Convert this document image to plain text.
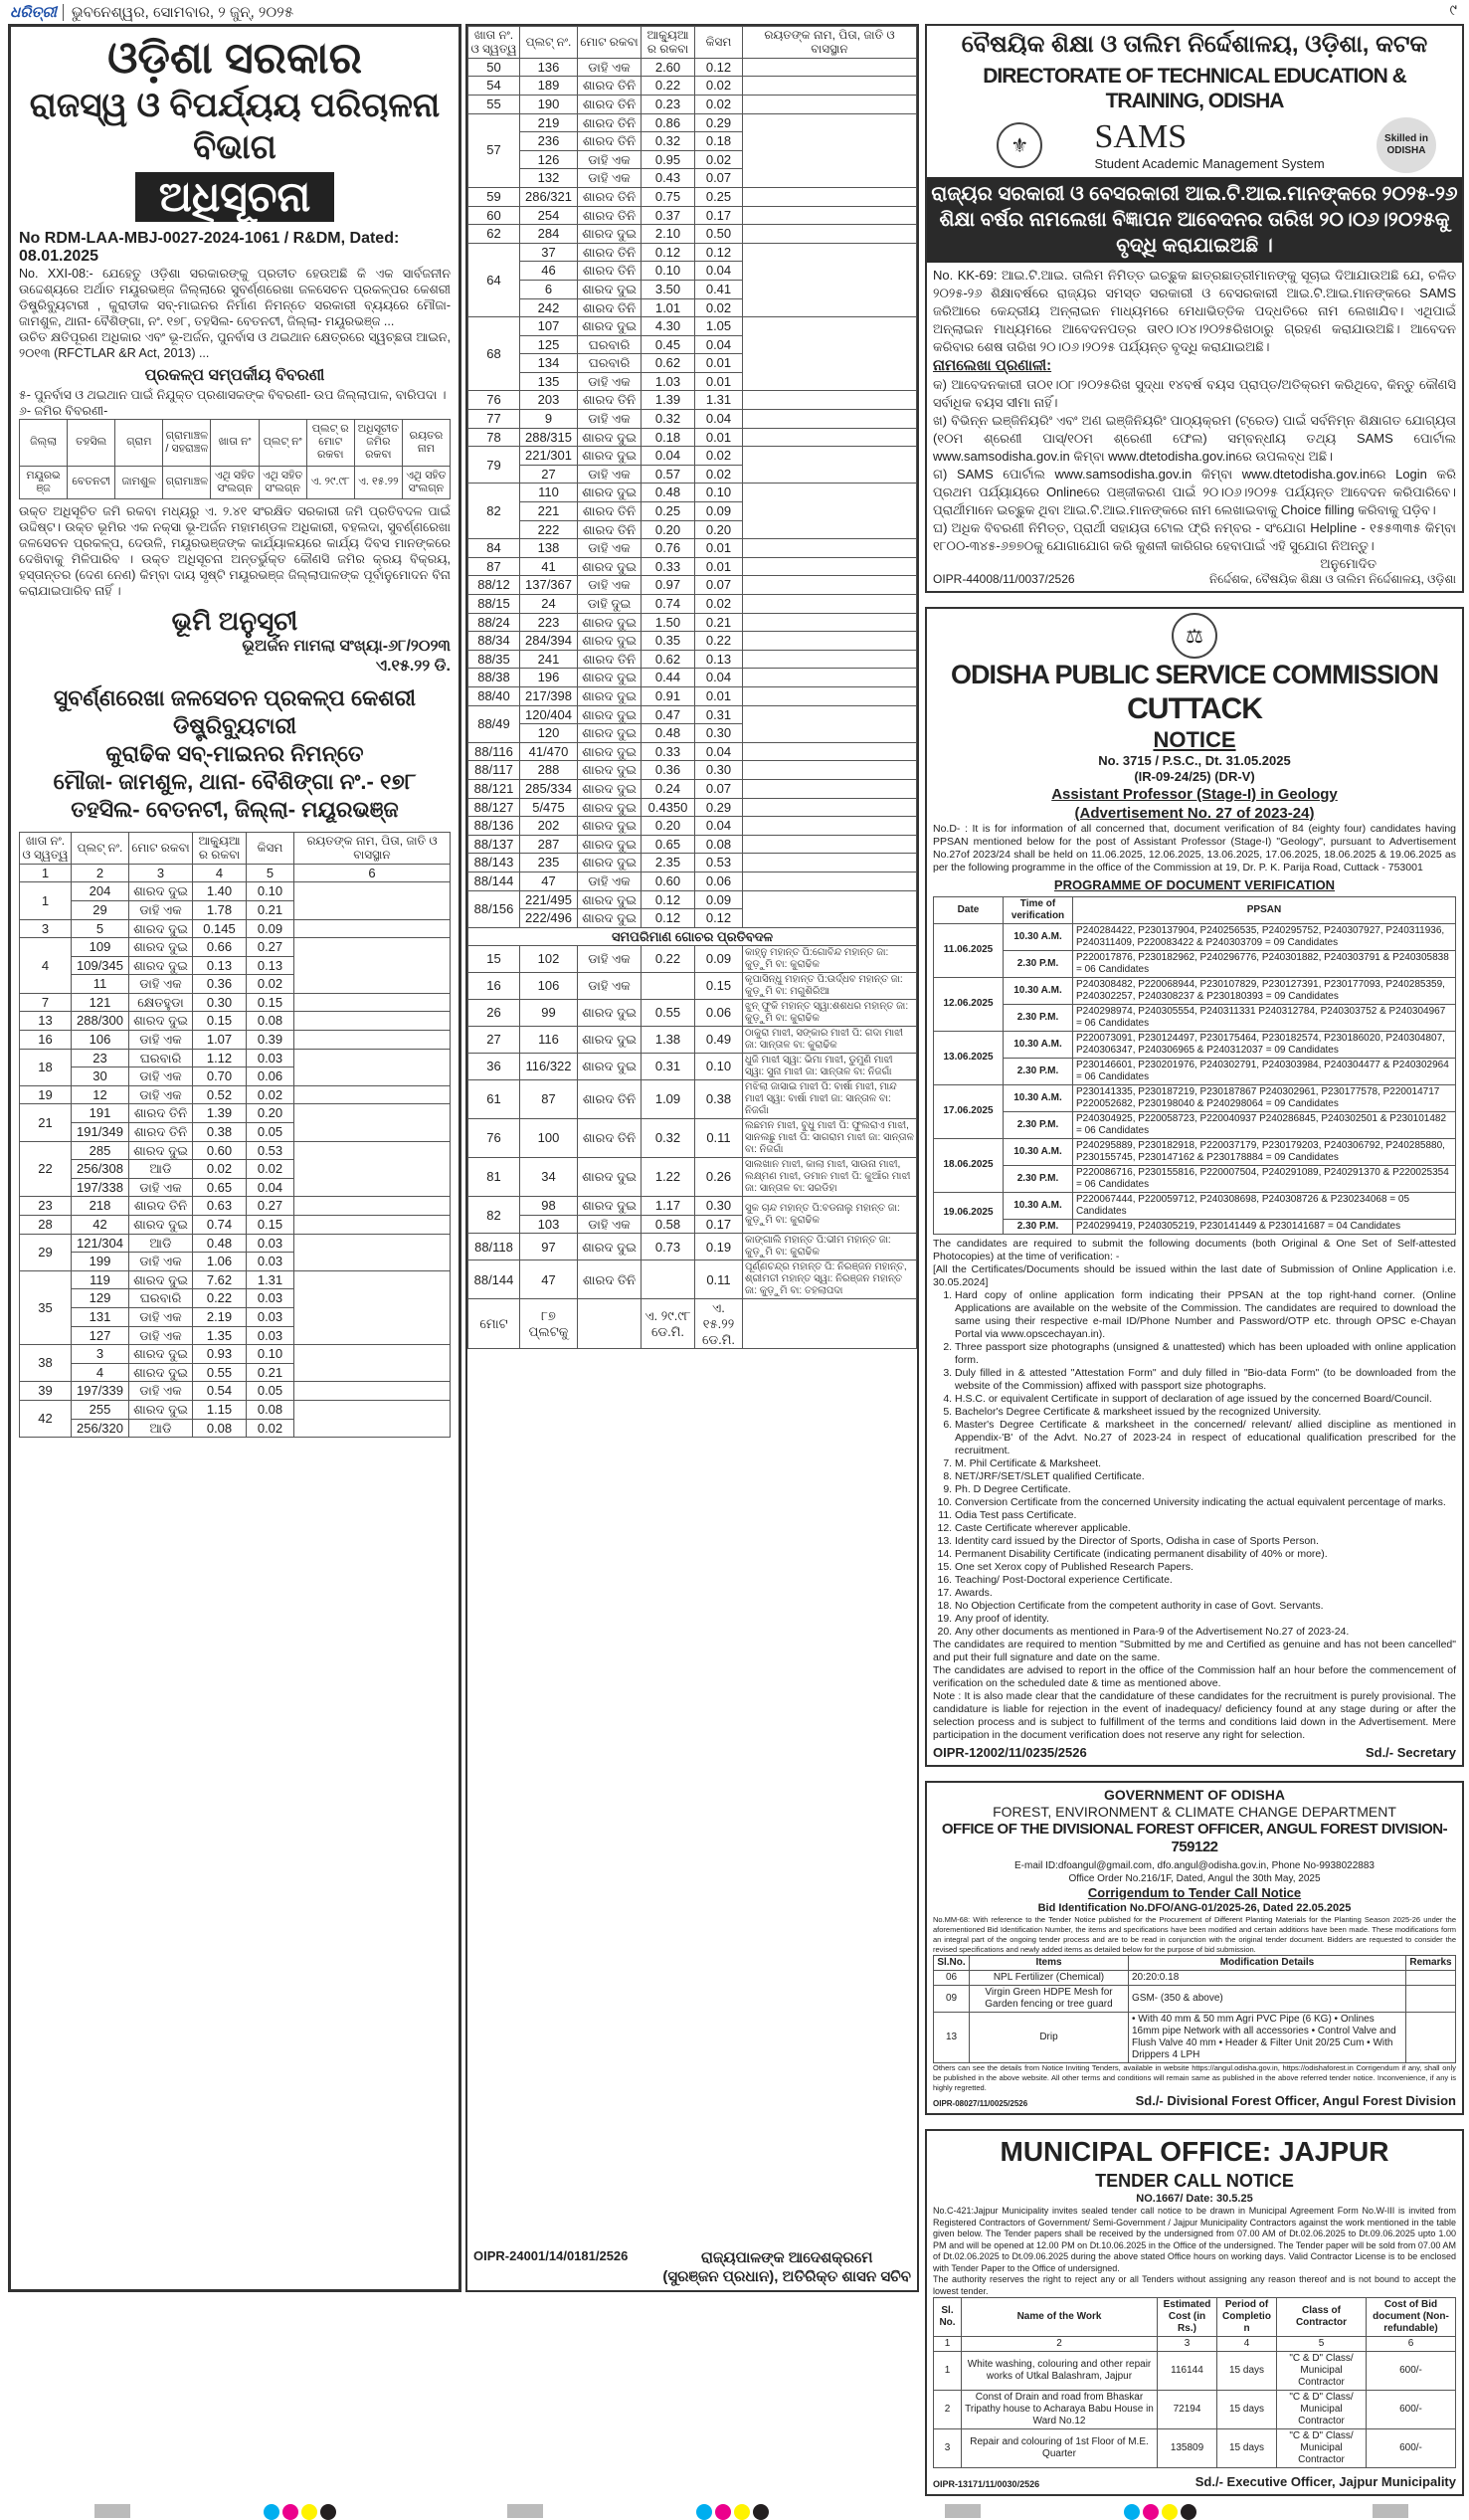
ଧରିତ୍ରୀ	ଭୁବନେଶ୍ୱର, ସୋମବାର, ୨ ଜୁନ୍, ୨୦୨୫	୯
ଓଡ଼ିଶା ସରକାର
ରାଜସ୍ୱ ଓ ବିପର୍ଯ୍ୟୟ ପରିଚାଳନା ବିଭାଗ
ଅଧିସୂଚନା
No RDM-LAA-MBJ-0027-2024-1061 / R&DM, Dated: 08.01.2025

No. XXI-08:- ଯେହେତୁ ଓଡ଼ିଶା ସରକାରଙ୍କୁ ପ୍ରତୀତ ହେଉଅଛି କି ଏକ ସାର୍ବଜନୀନ ଉଦ୍ଦେଶ୍ୟରେ ଅର୍ଥାତ ମୟୂରଭଞ୍ଜ ଜିଲ୍ଲାରେ ସୁବର୍ଣ୍ଣରେଖା ଜଳସେଚନ ପ୍ରକଳ୍ପର କେଶରୀ ଡିଷ୍ଟ୍ରିବ୍ୟୁଟାରୀ , କୁରାଡୀକ ସବ୍-ମାଇନର ନିର୍ମାଣ ନିମନ୍ତେ ସରକାରୀ ବ୍ୟୟରେ ମୌଜା- ଜାମଶୁଳ, ଥାନା- ବୈଶିଙ୍ଗା, ନଂ. ୧୭୮, ତହସିଲ- ବେତନଟୀ, ଜିଲ୍ଲା- ମୟୂରଭଞ୍ଜ ...

ଉଚିତ କ୍ଷତିପୂରଣ ଅଧିକାର ଏବଂ ଭୂ-ଅର୍ଜନ, ପୁନର୍ବାସ ଓ ଥଇଥାନ କ୍ଷେତ୍ରରେ ସ୍ୱଚ୍ଛତା ଆଇନ, ୨୦୧୩ (RFCTLAR &R Act, 2013) ...

ପ୍ରକଳ୍ପ ସମ୍ପର୍କୀୟ ବିବରଣୀ

୫- ପୁନର୍ବାସ ଓ ଥଇଥାନ ପାଇଁ ନିଯୁକ୍ତ ପ୍ରଶାସକଙ୍କ ବିବରଣୀ- ଉପ ଜିଲ୍ଲାପାଳ, ବାରିପଦା ।

୬- ଜମିର ବିବରଣୀ-

ଜିଲ୍ଲା	ତହସିଲ	ଗ୍ରାମ	ଗ୍ରାମାଞ୍ଚଳ / ସହରାଞ୍ଚଳ	ଖାତା ନଂ	ପ୍ଲଟ୍ ନଂ	ପ୍ଲଟ୍ ର ମୋଟ ରକବା	ଅଧିସୂଚୀତ ଜମିର ରକବା	ରୟତର ନାମ
ମୟୂରଭଞ୍ଜ	ବେତନଟୀ	ଜାମଶୁଳ	ଗ୍ରାମାଞ୍ଚଳ	ଏଥି ସହିତ ସଂଲଗ୍ନ	ଏଥି ସହିତ ସଂଲଗ୍ନ	ଏ. ୨୯.୯୮	ଏ. ୧୫.୨୨	ଏଥି ସହିତ ସଂଲଗ୍ନ

ଉକ୍ତ ଅଧିସୂଚିତ ଜମି ରକବା ମଧ୍ୟରୁ ଏ. ୨.୪୧ ସଂରକ୍ଷିତ ସରକାରୀ ଜମି ପ୍ରତିବଦଳ ପାଇଁ ଉଦ୍ଦିଷ୍ଟ। ଉକ୍ତ ଭୂମିର ଏକ ନକ୍ସା ଭୂ-ଅର୍ଜନ ମହାମଣ୍ଡଳ ଅଧିକାରୀ, ବହଲଦା, ସୁବର୍ଣ୍ଣରେଖା ଜଳସେଚନ ପ୍ରକଳ୍ପ, ଦେଉଳି, ମୟୂରଭଞ୍ଜଙ୍କ କାର୍ଯ୍ୟାଳୟରେ କାର୍ଯ୍ୟ ଦିବସ ମାନଙ୍କରେ ଦେଖିବାକୁ ମିଳିପାରିବ । ଉକ୍ତ ଅଧିସୂଚନା ଅନ୍ତର୍ଭୁକ୍ତ କୌଣସି ଜମିର କ୍ରୟ ବିକ୍ରୟ, ହସ୍ତାନ୍ତର (ଦେଣ ନେଣ) କିମ୍ବା ଦାୟ ସୃଷ୍ଟି ମୟୂରଭଞ୍ଜ ଜିଲ୍ଲାପାଳଙ୍କ ପୂର୍ବାନୁମୋଦନ ବିନା କରାଯାଇପାରିବ ନାହିଁ ।

ଭୂମି ଅନୁସୂଚୀ
ଭୂଅର୍ଜନ ମାମଲା ସଂଖ୍ୟା-୬୮/୨୦୨୩
ଏ.୧୫.୨୨ ଡି.
ସୁବର୍ଣ୍ଣରେଖା ଜଳସେଚନ ପ୍ରକଳ୍ପ କେଶରୀ ଡିଷ୍ଟ୍ରିବ୍ୟୁଟାରୀ
କୁରାଢିକ ସବ୍-ମାଇନର ନିମନ୍ତେ
ମୌଜା- ଜାମଶୁଳ, ଥାନା- ବୈଶିଙ୍ଗା ନଂ.- ୧୭୮
ତହସିଲ- ବେତନଟୀ, ଜିଲ୍ଲା- ମୟୂରଭଞ୍ଜ
ଖାତା ନଂ. ଓ ସ୍ୱତ୍ୱ	ପ୍ଲଟ୍ ନଂ.	ମୋଟ ରକବା	ଆକ୍ୟୁଆର ରକବା	କିସମ	ରୟତଙ୍କ ନାମ, ପିତା, ଜାତି ଓ ବାସସ୍ଥାନ
1	2	3	4	5	6
1	204	ଶାରଦ ଦୁଇ	1.40	0.10	
	29	ଡାହି ଏକ	1.78	0.21	
3	5	ଶାରଦ ଦୁଇ	0.145	0.09	
4	109	ଶାରଦ ଦୁଇ	0.66	0.27	
	109/345	ଶାରଦ ଦୁଇ	0.13	0.13	
	11	ଡାହି ଏକ	0.36	0.02	
7	121	କ୍ଷେତହୁଡା	0.30	0.15	
13	288/300	ଶାରଦ ଦୁଇ	0.15	0.08	
16	106	ଡାହି ଏକ	1.07	0.39	
18	23	ଘରବାରି	1.12	0.03	
	30	ଡାହି ଏକ	0.70	0.06	
19	12	ଡାହି ଏକ	0.52	0.02	
21	191	ଶାରଦ ତିନି	1.39	0.20	
	191/349	ଶାରଦ ତିନି	0.38	0.05	
22	285	ଶାରଦ ଦୁଇ	0.60	0.53	
	256/308	ଆଡି	0.02	0.02	
	197/338	ଡାହି ଏକ	0.65	0.04	
23	218	ଶାରଦ ତିନି	0.63	0.27	
28	42	ଶାରଦ ଦୁଇ	0.74	0.15	
29	121/304	ଆଡି	0.48	0.03	
	199	ଡାହି ଏକ	1.06	0.03	
35	119	ଶାରଦ ଦୁଇ	7.62	1.31	
	129	ଘରବାରି	0.22	0.03	
	131	ଡାହି ଏକ	2.19	0.03	
	127	ଡାହି ଏକ	1.35	0.03	
38	3	ଶାରଦ ଦୁଇ	0.93	0.10	
	4	ଶାରଦ ଦୁଇ	0.55	0.21	
39	197/339	ଡାହି ଏକ	0.54	0.05	
42	255	ଶାରଦ ଦୁଇ	1.15	0.08	
	256/320	ଆଡି	0.08	0.02	
ଖାତା ନଂ. ଓ ସ୍ୱତ୍ୱ	ପ୍ଲଟ୍ ନଂ.	ମୋଟ ରକବା	ଆକ୍ୟୁଆର ରକବା	କିସମ	ରୟତଙ୍କ ନାମ, ପିତା, ଜାତି ଓ ବାସସ୍ଥାନ
50	136	ଡାହି ଏକ	2.60	0.12	
54	189	ଶାରଦ ତିନି	0.22	0.02	
55	190	ଶାରଦ ତିନି	0.23	0.02	
57	219	ଶାରଦ ତିନି	0.86	0.29	
	236	ଶାରଦ ତିନି	0.32	0.18	
	126	ଡାହି ଏକ	0.95	0.02	
	132	ଡାହି ଏକ	0.43	0.07	
59	286/321	ଶାରଦ ତିନି	0.75	0.25	
60	254	ଶାରଦ ତିନି	0.37	0.17	
62	284	ଶାରଦ ଦୁଇ	2.10	0.50	
64	37	ଶାରଦ ତିନି	0.12	0.12	
	46	ଶାରଦ ତିନି	0.10	0.04	
	6	ଶାରଦ ଦୁଇ	3.50	0.41	
	242	ଶାରଦ ତିନି	1.01	0.02	
68	107	ଶାରଦ ଦୁଇ	4.30	1.05	
	125	ଘରବାରି	0.45	0.04	
	134	ଘରବାରି	0.62	0.01	
	135	ଡାହି ଏକ	1.03	0.01	
76	203	ଶାରଦ ତିନି	1.39	1.31	
77	9	ଡାହି ଏକ	0.32	0.04	
78	288/315	ଶାରଦ ଦୁଇ	0.18	0.01	
79	221/301	ଶାରଦ ଦୁଇ	0.04	0.02	
	27	ଡାହି ଏକ	0.57	0.02	
82	110	ଶାରଦ ଦୁଇ	0.48	0.10	
	221	ଶାରଦ ତିନି	0.25	0.09	
	222	ଶାରଦ ତିନି	0.20	0.20	
84	138	ଡାହି ଏକ	0.76	0.01	
87	41	ଶାରଦ ଦୁଇ	0.33	0.01	
88/12	137/367	ଡାହି ଏକ	0.97	0.07	
88/15	24	ଡାହି ଦୁଇ	0.74	0.02	
88/24	223	ଶାରଦ ଦୁଇ	1.50	0.21	
88/34	284/394	ଶାରଦ ଦୁଇ	0.35	0.22	
88/35	241	ଶାରଦ ତିନି	0.62	0.13	
88/38	196	ଶାରଦ ଦୁଇ	0.44	0.04	
88/40	217/398	ଶାରଦ ଦୁଇ	0.91	0.01	
88/49	120/404	ଶାରଦ ଦୁଇ	0.47	0.31	
	120	ଶାରଦ ଦୁଇ	0.48	0.30	
88/116	41/470	ଶାରଦ ଦୁଇ	0.33	0.04	
88/117	288	ଶାରଦ ଦୁଇ	0.36	0.30	
88/121	285/334	ଶାରଦ ଦୁଇ	0.24	0.07	
88/127	5/475	ଶାରଦ ଦୁଇ	0.4350	0.29	
88/136	202	ଶାରଦ ଦୁଇ	0.20	0.04	
88/137	287	ଶାରଦ ଦୁଇ	0.65	0.08	
88/143	235	ଶାରଦ ଦୁଇ	2.35	0.53	
88/144	47	ଡାହି ଏକ	0.60	0.06	
88/156	221/495	ଶାରଦ ଦୁଇ	0.12	0.09	
	222/496	ଶାରଦ ଦୁଇ	0.12	0.12	
ସମପରିମାଣ ଗୋଚର ପ୍ରତିବଦଳ					
15	102	ଡାହି ଏକ	0.22	0.09	କାହ୍ନୁ ମହାନ୍ତ ପି:ଗୋବିନ୍ଦ ମହାନ୍ତ ଜା: କୁଡ଼ୁମି ବା: କୁରାଢିକ
16	106	ଡାହି ଏକ		0.15	କୃପାସିନ୍ଧୁ ମହାନ୍ତ ପି:ଉର୍ଦ୍ଧବ ମହାନ୍ତ ଜା: କୁଡ଼ୁମି ବା: ମଗୁଶିରିଆ
26	99	ଶାରଦ ଦୁଇ	0.55	0.06	ଝୁନ୍ ଫୁକି ମହାନ୍ତ ସ୍ୱା:ଶଶଧର ମହାନ୍ତ ଜା: କୁଡ଼ୁମି ବା: କୁରାଢିକ
27	116	ଶାରଦ ଦୁଇ	1.38	0.49	ଠାକୁରା ମାଝୀ, ସଙ୍କାର ମାଝୀ ପି: ଗଦା ମାଝୀ ଜା: ସାନ୍ତାଳ ବା: କୁରାଢିକ
36	116/322	ଶାରଦ ଦୁଇ	0.31	0.10	ଧୁଜି ମାଝୀ ସ୍ୱା: ଭିମା ମାଝୀ, ଡୁମୁଣି ମାଝୀ ସ୍ୱା: ସୁନା ମାଝୀ ଜା: ସାନ୍ତାଳ ବା: ନିଜଗାଁ
61	87	ଶାରଦ ତିନି	1.09	0.38	ମଝିଲା ଜାସାଇ ମାଝୀ ପି: ବାର୍ଷା ମାଝୀ, ମାନ୍ଦ ମାଝୀ ସ୍ୱା: ବାର୍ଷା ମାଝୀ ଜା: ସାନ୍ତାଳ ବା: ନିଜଗାଁ
76	100	ଶାରଦ ତିନି	0.32	0.11	ଲଛମନ ମାଝୀ, ବୁଧୁ ମାଝୀ ପି: ଫୁଲରାଏ ମାଝୀ, ସାନଲଛୁ ମାଝୀ ପି: ସାଗରାମ ମାଝୀ ଜା: ସାନ୍ତାଳ ବା: ନିଜଗାଁ
81	34	ଶାରଦ ଦୁଇ	1.22	0.26	ସାଲଖାନ ମାଝୀ, କାଲା ମାଝୀ, ସାଉନା ମାଝୀ, ଲକ୍ଷ୍ମଣ ମାଝୀ, ଡମାନ ମାଝୀ ପି: କୁଆଁର ମାଝୀ ଜା: ସାନ୍ତାଳ ବା: ସରଡିହା
82	98	ଶାରଦ ଦୁଇ	1.17	0.30	ସୁକ ଚାନ୍ଦ ମହାନ୍ତ ପି:ବଡନାଲୁ ମହାନ୍ତ ଜା: କୁଡ଼ୁମି ବା: କୁରାଢିକ
	103	ଡାହି ଏକ	0.58	0.17	
88/118	97	ଶାରଦ ଦୁଇ	0.73	0.19	କାଙ୍ଗାଲି ମହାନ୍ତ ପି:ଭୀମ ମହାନ୍ତ ଜା: କୁଡ଼ୁମି ବା: କୁରାଢିକ
88/144	47	ଶାରଦ ତିନି		0.11	ପୂର୍ଣ୍ଣଚନ୍ଦ୍ର ମହାନ୍ତ ପି: ନିରଞ୍ଜନ ମହାନ୍ତ, ଶ୍ରୀମତୀ ମହାନ୍ତ ସ୍ୱା: ନିରଞ୍ଜନ ମହାନ୍ତ ଜା: କୁଡ଼ୁମି ବା: ତହଲାପଦା
ମୋଟ	୮୭ ପ୍ଲଟକୁ		ଏ. ୨୯.୯୮ ଡେ.ମି.	ଏ. ୧୫.୨୨ ଡେ.ମି.	
OIPR-24001/14/0181/2526	ରାଜ୍ୟପାଳଙ୍କ ଆଦେଶକ୍ରମେ
(ସୁରଞ୍ଜନ ପ୍ରଧାନ), ଅତିରିକ୍ତ ଶାସନ ସଚିବ
ବୈଷୟିକ ଶିକ୍ଷା ଓ ତାଲିମ ନିର୍ଦ୍ଦେଶାଳୟ, ଓଡ଼ିଶା, କଟକ
DIRECTORATE OF TECHNICAL EDUCATION & TRAINING, ODISHA
⚜	SAMS
Student Academic Management System
Skilled in ODISHA
ରାଜ୍ୟର ସରକାରୀ ଓ ବେସରକାରୀ ଆଇ.ଟି.ଆଇ.ମାନଙ୍କରେ ୨୦୨୫-୨୬ ଶିକ୍ଷା ବର୍ଷର ନାମଲେଖା ବିଜ୍ଞାପନ ଆବେଦନର ତାରିଖ ୨୦।୦୬।୨୦୨୫କୁ ବୃଦ୍ଧି କରାଯାଇଅଛି ।

No. KK-69: ଆଇ.ଟି.ଆଇ. ତାଲିମ ନିମିତ୍ତ ଇଚ୍ଛୁକ ଛାତ୍ରଛାତ୍ରୀମାନଙ୍କୁ ସୂଚାଇ ଦିଆଯାଉଅଛି ଯେ, ଚଳିତ ୨୦୨୫-୨୬ ଶିକ୍ଷାବର୍ଷରେ ରାଜ୍ୟର ସମସ୍ତ ସରକାରୀ ଓ ବେସରକାରୀ ଆଇ.ଟି.ଆଇ.ମାନଙ୍କରେ SAMS ଜରିଆରେ କେନ୍ଦ୍ରୀୟ ଅନ୍‌ଲାଇନ ମାଧ୍ୟମରେ ମେଧାଭିତ୍ତିକ ପଦ୍ଧତିରେ ନାମ ଲେଖାଯିବ। ଏଥିପାଇଁ ଅନ୍‌ଲାଇନ ମାଧ୍ୟମରେ ଆବେଦନପତ୍ର ତା୧୦।୦୪।୨୦୨୫ରିଖଠାରୁ ଗ୍ରହଣ କରାଯାଉଅଛି। ଆବେଦନ କରିବାର ଶେଷ ତାରିଖ ୨୦।୦୬।୨୦୨୫ ପର୍ଯ୍ୟନ୍ତ ବୃଦ୍ଧି କରାଯାଇଅଛି।

ନାମଲେଖା ପ୍ରଣାଳୀ:

କ) ଆବେଦନକାରୀ ତା୦୧।୦୮।୨୦୨୫ରିଖ ସୁଦ୍ଧା ୧୪ବର୍ଷ ବୟସ ପ୍ରାପ୍ତ/ଅତିକ୍ରମ କରିଥିବେ, କିନ୍ତୁ କୌଣସି ସର୍ବାଧିକ ବୟସ ସୀମା ନାହିଁ।

ଖ) ବିଭିନ୍ନ ଇଞ୍ଜିନିୟରିଂ ଏବଂ ଅଣ ଇଞ୍ଜିନିୟରିଂ ପାଠ୍ୟକ୍ରମ (ଟ୍ରେଡ) ପାଇଁ ସର୍ବନିମ୍ନ ଶିକ୍ଷାଗତ ଯୋଗ୍ୟତା (୧୦ମ ଶ୍ରେଣୀ ପାସ୍/୧୦ମ ଶ୍ରେଣୀ ଫେଲ) ସମ୍ବନ୍ଧୀୟ ତଥ୍ୟ SAMS ପୋର୍ଟାଲ www.samsodisha.gov.in କିମ୍ବା www.dtetodisha.gov.inରେ ଉପଲବ୍ଧ ଅଛି।

ଗ) SAMS ପୋର୍ଟାଲ www.samsodisha.gov.in କିମ୍ବା www.dtetodisha.gov.inରେ Login କରି ପ୍ରଥମ ପର୍ଯ୍ୟାୟରେ Onlineରେ ପଞ୍ଜୀକରଣ ପାଇଁ ୨୦।୦୬।୨୦୨୫ ପର୍ଯ୍ୟନ୍ତ ଆବେଦନ କରିପାରିବେ। ପ୍ରାର୍ଥୀମାନେ ଇଚ୍ଛୁକ ଥିବା ଆଇ.ଟି.ଆଇ.ମାନଙ୍କରେ ନାମ ଲେଖାଇବାକୁ Choice filling କରିବାକୁ ପଡ଼ିବ।

ଘ) ଅଧିକ ବିବରଣୀ ନିମିତ୍ତ, ପ୍ରାର୍ଥୀ ସହାୟତା ଟୋଲ ଫ୍ରି ନମ୍ବର - ସଂଯୋଗ Helpline - ୧୫୫୩୩୫ କିମ୍ବା ୧୮୦୦-୩୪୫-୬୭୭୦କୁ ଯୋଗାଯୋଗ କରି କୁଶଳୀ କାରିଗର ହେବାପାଇଁ ଏହି ସୁଯୋଗ ନିଅନ୍ତୁ।

ଅନୁମୋଦିତ
OIPR-44008/11/0037/2526	ନିର୍ଦ୍ଦେଶକ, ବୈଷୟିକ ଶିକ୍ଷା ଓ ତାଲିମ ନିର୍ଦ୍ଦେଶାଳୟ, ଓଡ଼ିଶା
⚖
ODISHA PUBLIC SERVICE COMMISSION
CUTTACK
NOTICE
No. 3715 / P.S.C., Dt. 31.05.2025
(IR-09-24/25) (DR-V)
Assistant Professor (Stage-I) in Geology
(Advertisement No. 27 of 2023-24)

No.D- : It is for information of all concerned that, document verification of 84 (eighty four) candidates having PPSAN mentioned below for the post of Assistant Professor (Stage-I) "Geology", pursuant to Advertisement No.27of 2023/24 shall be held on 11.06.2025, 12.06.2025, 13.06.2025, 17.06.2025, 18.06.2025 & 19.06.2025 as per the following programme in the office of the Commission at 19, Dr. P. K. Parija Road, Cuttack - 753001

PROGRAMME OF DOCUMENT VERIFICATION
Date	Time of verification	PPSAN
11.06.2025	10.30 A.M.	P240284422, P230137904, P240256535, P240295752, P240307927, P240311936, P240311409, P220083422 & P240303709 = 09 Candidates
	2.30 P.M.	P220017876, P230182962, P240296776, P240301882, P240303791 & P240305838 = 06 Candidates
12.06.2025	10.30 A.M.	P240308482, P220068944, P230107829, P230127391, P230177093, P240285359, P240302257, P240308237 & P230180393 = 09 Candidates
	2.30 P.M.	P240298974, P240305554, P240311331 P240312784, P240303752 & P240304967 = 06 Candidates
13.06.2025	10.30 A.M.	P220073091, P230124497, P230175464, P230182574, P230186020, P240304807, P240306347, P240306965 & P240312037 = 09 Candidates
	2.30 P.M.	P230146601, P230201976, P240302791, P240303984, P240304477 & P240302964 = 06 Candidates
17.06.2025	10.30 A.M.	P230141335, P230187219, P230187867 P240302961, P230177578, P220014717 P220052682, P230198040 & P240298064 = 09 Candidates
	2.30 P.M.	P240304925, P220058723, P220040937 P240286845, P240302501 & P230101482 = 06 Candidates
18.06.2025	10.30 A.M.	P240295889, P230182918, P220037179, P230179203, P240306792, P240285880, P230155745, P230147162 & P230178884 = 09 Candidates
	2.30 P.M.	P220086716, P230155816, P220007504, P240291089, P240291370 & P220025354 = 06 Candidates
19.06.2025	10.30 A.M.	P220067444, P220059712, P240308698, P240308726 & P230234068 = 05 Candidates
	2.30 P.M.	P240299419, P240305219, P230141449 & P230141687 = 04 Candidates

The candidates are required to submit the following documents (both Original & One Set of Self-attested Photocopies) at the time of verification: -

[All the Certificates/Documents should be issued within the last date of Submission of Online Application i.e. 30.05.2024]

1. Hard copy of online application form indicating their PPSAN at the top right-hand corner. (Online Applications are available on the website of the Commission. The candidates are required to download the same using their respective e-mail ID/Phone Number and Password/OTP etc. through OPSC e-Chayan Portal via www.opscechayan.in).
2. Three passport size photographs (unsigned & unattested) which has been uploaded with online application form.
3. Duly filled in & attested "Attestation Form" and duly filled in "Bio-data Form" (to be downloaded from the website of the Commission) affixed with passport size photographs.
4. H.S.C. or equivalent Certificate in support of declaration of age issued by the concerned Board/Council.
5. Bachelor's Degree Certificate & marksheet issued by the recognized University.
6. Master's Degree Certificate & marksheet in the concerned/ relevant/ allied discipline as mentioned in Appendix-'B' of the Advt. No.27 of 2023-24 in respect of educational qualification prescribed for the recruitment.
7. M. Phil Certificate & Marksheet.
8. NET/JRF/SET/SLET qualified Certificate.
9. Ph. D Degree Certificate.
10. Conversion Certificate from the concerned University indicating the actual equivalent percentage of marks.
11. Odia Test pass Certificate.
12. Caste Certificate wherever applicable.
13. Identity card issued by the Director of Sports, Odisha in case of Sports Person.
14. Permanent Disability Certificate (indicating permanent disability of 40% or more).
15. One set Xerox copy of Published Research Papers.
16. Teaching/ Post-Doctoral experience Certificate.
17. Awards.
18. No Objection Certificate from the competent authority in case of Govt. Servants.
19. Any proof of identity.
20. Any other documents as mentioned in Para-9 of the Advertisement No.27 of 2023-24.

The candidates are required to mention "Submitted by me and Certified as genuine and has not been cancelled" and put their full signature and date on the same.

The candidates are advised to report in the office of the Commission half an hour before the commencement of verification on the scheduled date & time as mentioned above.

Note : It is also made clear that the candidature of these candidates for the recruitment is purely provisional. The candidature is liable for rejection in the event of inadequacy/ deficiency found at any stage during or after the selection process and is subject to fulfillment of the terms and conditions laid down in the Advertisement. Mere participation in the document verification does not reserve any right for selection.

OIPR-12002/11/0235/2526	Sd./- Secretary
GOVERNMENT OF ODISHA
FOREST, ENVIRONMENT & CLIMATE CHANGE DEPARTMENT
OFFICE OF THE DIVISIONAL FOREST OFFICER, ANGUL FOREST DIVISION- 759122
E-mail ID:dfoangul@gmail.com, dfo.angul@odisha.gov.in, Phone No-9938022883
Office Order No.216/1F, Dated, Angul the 30th May, 2025
Corrigendum to Tender Call Notice
Bid Identification No.DFO/ANG-01/2025-26, Dated 22.05.2025

No.MM-68: With reference to the Tender Notice published for the Procurement of Different Planting Materials for the Planting Season 2025-26 under the aforementioned Bid Identification Number, the items and specifications have been modified and certain additions have been made. These modifications form an integral part of the ongoing tender process and are to be read in conjunction with the original tender document. Bidders are requested to consider the revised specifications and newly added items as detailed below for the purpose of bid submission.

Sl.No.	Items	Modification Details	Remarks
06	NPL Fertilizer (Chemical)	20:20:0.18	
09	Virgin Green HDPE Mesh for Garden fencing or tree guard	GSM- (350 & above)	
13	Drip	• With 40 mm & 50 mm Agri PVC Pipe (6 KG) • Onlines 16mm pipe Network with all accessories • Control Valve and Flush Valve 40 mm • Header & Filter Unit 20/25 Cum • With Drippers 4 LPH	

Others can see the details from Notice Inviting Tenders, available in website https://angul.odisha.gov.in, https://odishaforest.in Corrigendum if any, shall only be published in the above website. All other terms and conditions will remain same as published in the above referred tender notice. Inconvenience, if any is highly regretted.

OIPR-08027/11/0025/2526	Sd./- Divisional Forest Officer, Angul Forest Division
MUNICIPAL OFFICE: JAJPUR
TENDER CALL NOTICE
NO.1667/ Date: 30.5.25

No.C-421:Jajpur Municipality invites sealed tender call notice to be drawn in Municipal Agreement Form No.W-III is invited from Registered Contractors of Government/ Semi-Government / Jajpur Municipality Contractors against the work mentioned in the table given below. The Tender papers shall be received by the undersigned from 07.00 AM of Dt.02.06.2025 to Dt.09.06.2025 upto 1.00 PM and will be opened at 12.00 PM on Dt.10.06.2025 in the Office of the undersigned. The Tender paper will be sold from 07.00 AM of Dt.02.06.2025 to Dt.09.06.2025 during the above stated Office hours on working days. Valid Contractor License is to be enclosed with Tender Paper to the Office of undersigned.

The authority reserves the right to reject any or all Tenders without assigning any reason thereof and is not bound to accept the lowest tender.

Sl. No.	Name of the Work	Estimated Cost (in Rs.)	Period of Completion	Class of Contractor	Cost of Bid document (Non-refundable)
1	2	3	4	5	6
1	White washing, colouring and other repair works of Utkal Balashram, Jajpur	116144	15 days	"C & D" Class/ Municipal Contractor	600/-
2	Const of Drain and road from Bhaskar Tripathy house to Acharaya Babu House in Ward No.12	72194	15 days	"C & D" Class/ Municipal Contractor	600/-
3	Repair and colouring of 1st Floor of M.E. Quarter	135809	15 days	"C & D" Class/ Municipal Contractor	600/-
OIPR-13171/11/0030/2526	Sd./- Executive Officer, Jajpur Municipality
